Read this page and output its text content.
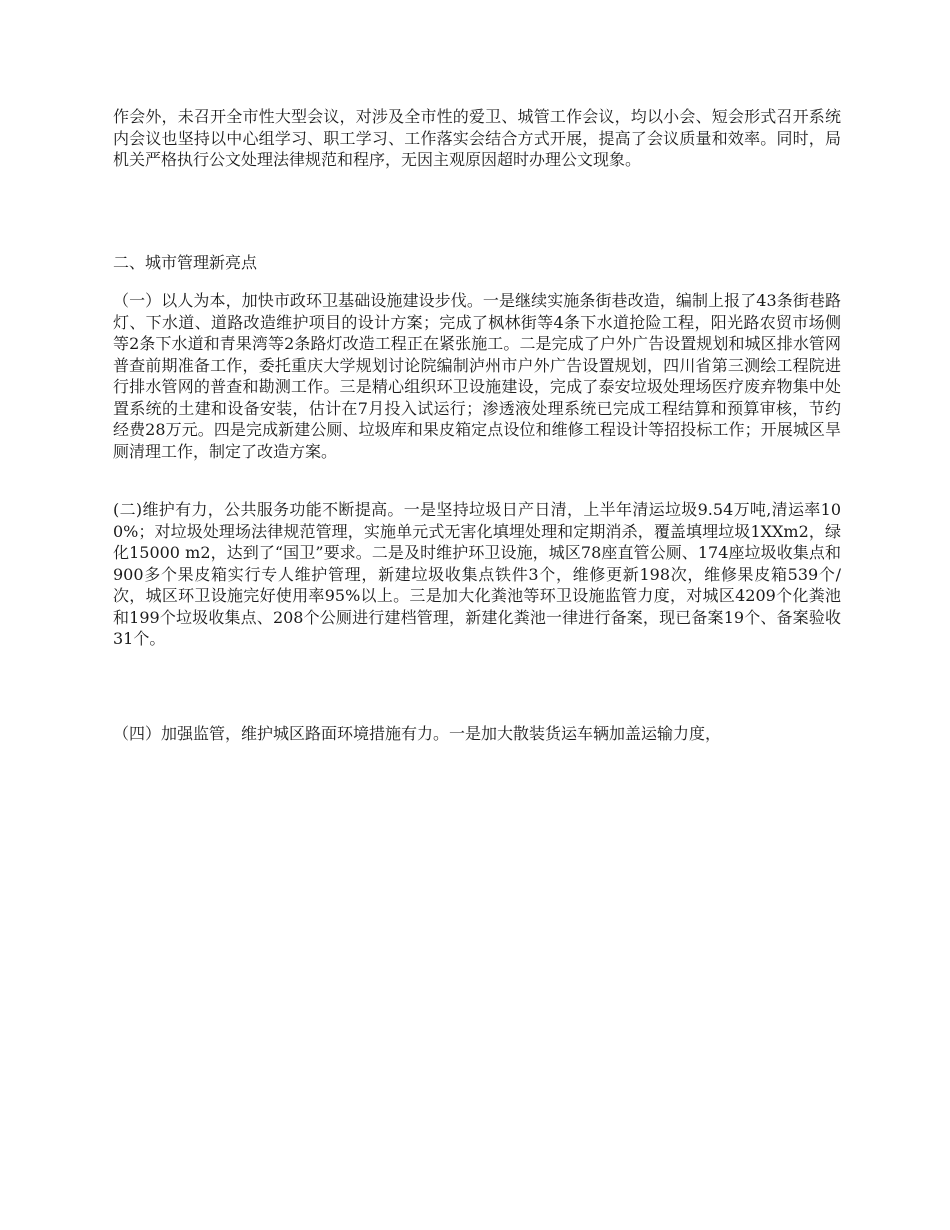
作会外，未召开全市性大型会议，对涉及全市性的爱卫、城管工作会议，均以小会、短会形式召开系统内会议也坚持以中心组学习、职工学习、工作落实会结合方式开展，提高了会议质量和效率。同时，局机关严格执行公文处理法律规范和程序，无因主观原因超时办理公文现象。

二、城市管理新亮点

（一）以人为本，加快市政环卫基础设施建设步伐。一是继续实施条街巷改造，编制上报了43条街巷路灯、下水道、道路改造维护项目的设计方案；完成了枫林街等4条下水道抢险工程，阳光路农贸市场侧等2条下水道和青果湾等2条路灯改造工程正在紧张施工。二是完成了户外广告设置规划和城区排水管网普查前期准备工作，委托重庆大学规划讨论院编制泸州市户外广告设置规划，四川省第三测绘工程院进行排水管网的普查和勘测工作。三是精心组织环卫设施建设，完成了泰安垃圾处理场医疗废弃物集中处置系统的土建和设备安装，估计在7月投入试运行；渗透液处理系统已完成工程结算和预算审核，节约经费28万元。四是完成新建公厕、垃圾库和果皮箱定点设位和维修工程设计等招投标工作；开展城区旱厕清理工作，制定了改造方案。

(二)维护有力，公共服务功能不断提高。一是坚持垃圾日产日清，上半年清运垃圾9.54万吨,清运率100%；对垃圾处理场法律规范管理，实施单元式无害化填埋处理和定期消杀，覆盖填埋垃圾1XXm2，绿化15000 m2，达到了“国卫”要求。二是及时维护环卫设施，城区78座直管公厕、174座垃圾收集点和900多个果皮箱实行专人维护管理，新建垃圾收集点铁件3个，维修更新198次，维修果皮箱539个/次，城区环卫设施完好使用率95%以上。三是加大化粪池等环卫设施监管力度，对城区4209个化粪池和199个垃圾收集点、208个公厕进行建档管理，新建化粪池一律进行备案，现已备案19个、备案验收31个。

（四）加强监管，维护城区路面环境措施有力。一是加大散装货运车辆加盖运输力度，
